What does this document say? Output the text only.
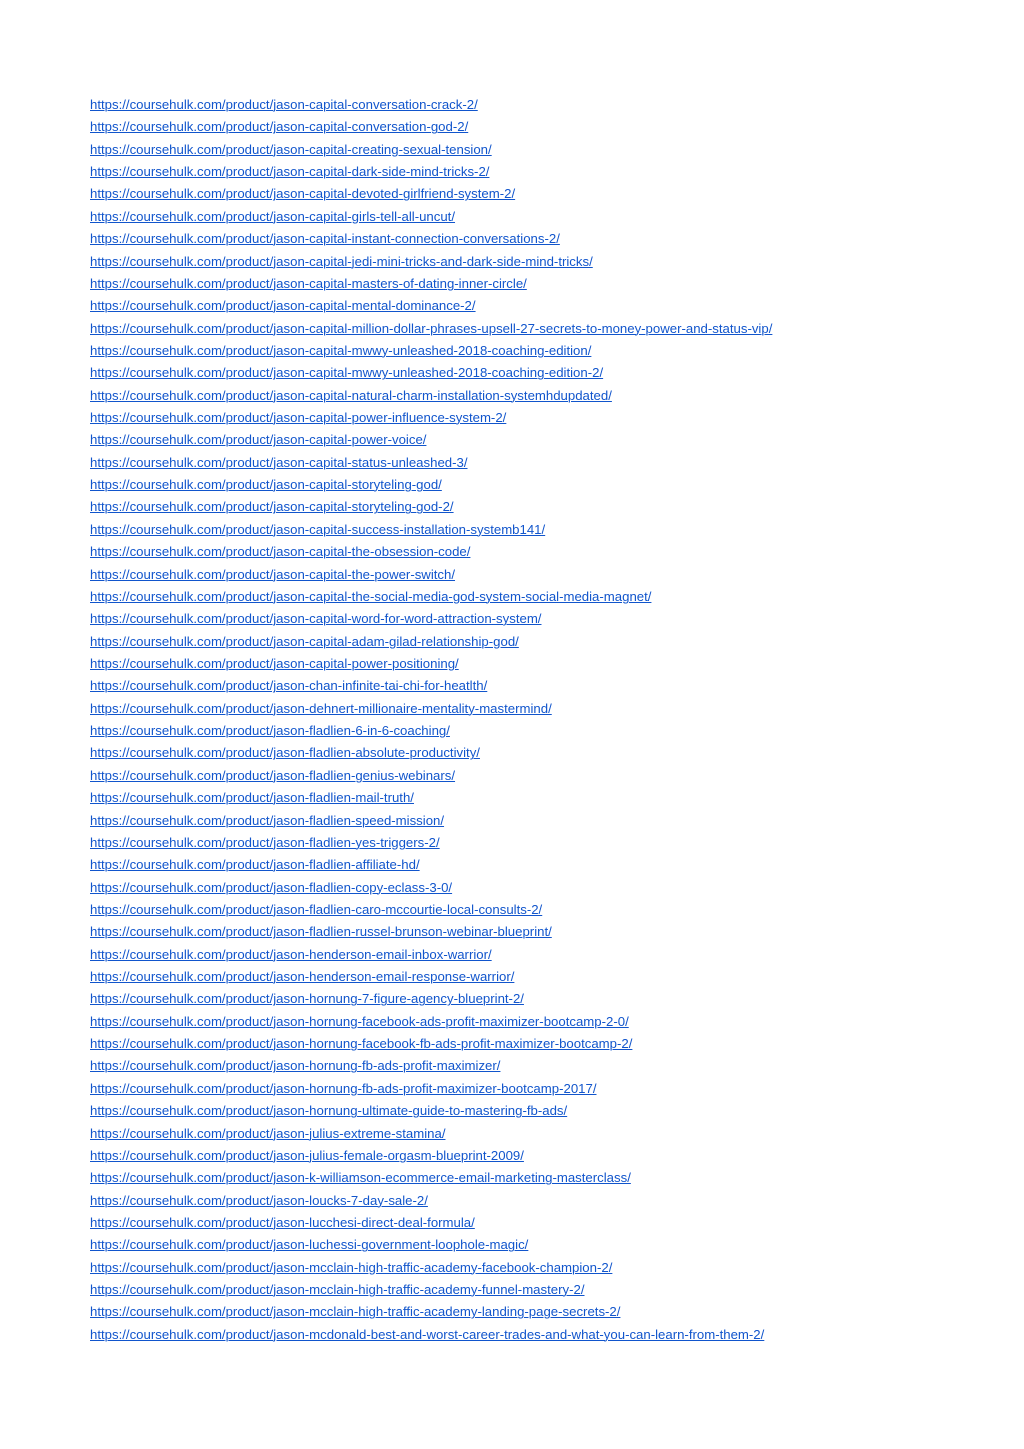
https://coursehulk.com/product/jason-capital-conversation-crack-2/
https://coursehulk.com/product/jason-capital-conversation-god-2/
https://coursehulk.com/product/jason-capital-creating-sexual-tension/
https://coursehulk.com/product/jason-capital-dark-side-mind-tricks-2/
https://coursehulk.com/product/jason-capital-devoted-girlfriend-system-2/
https://coursehulk.com/product/jason-capital-girls-tell-all-uncut/
https://coursehulk.com/product/jason-capital-instant-connection-conversations-2/
https://coursehulk.com/product/jason-capital-jedi-mini-tricks-and-dark-side-mind-tricks/
https://coursehulk.com/product/jason-capital-masters-of-dating-inner-circle/
https://coursehulk.com/product/jason-capital-mental-dominance-2/
https://coursehulk.com/product/jason-capital-million-dollar-phrases-upsell-27-secrets-to-money-power-and-status-vip/
https://coursehulk.com/product/jason-capital-mwwy-unleashed-2018-coaching-edition/
https://coursehulk.com/product/jason-capital-mwwy-unleashed-2018-coaching-edition-2/
https://coursehulk.com/product/jason-capital-natural-charm-installation-systemhdupdated/
https://coursehulk.com/product/jason-capital-power-influence-system-2/
https://coursehulk.com/product/jason-capital-power-voice/
https://coursehulk.com/product/jason-capital-status-unleashed-3/
https://coursehulk.com/product/jason-capital-storyteling-god/
https://coursehulk.com/product/jason-capital-storyteling-god-2/
https://coursehulk.com/product/jason-capital-success-installation-systemb141/
https://coursehulk.com/product/jason-capital-the-obsession-code/
https://coursehulk.com/product/jason-capital-the-power-switch/
https://coursehulk.com/product/jason-capital-the-social-media-god-system-social-media-magnet/
https://coursehulk.com/product/jason-capital-word-for-word-attraction-system/
https://coursehulk.com/product/jason-capital-adam-gilad-relationship-god/
https://coursehulk.com/product/jason-capital-power-positioning/
https://coursehulk.com/product/jason-chan-infinite-tai-chi-for-heatlth/
https://coursehulk.com/product/jason-dehnert-millionaire-mentality-mastermind/
https://coursehulk.com/product/jason-fladlien-6-in-6-coaching/
https://coursehulk.com/product/jason-fladlien-absolute-productivity/
https://coursehulk.com/product/jason-fladlien-genius-webinars/
https://coursehulk.com/product/jason-fladlien-mail-truth/
https://coursehulk.com/product/jason-fladlien-speed-mission/
https://coursehulk.com/product/jason-fladlien-yes-triggers-2/
https://coursehulk.com/product/jason-fladlien-affiliate-hd/
https://coursehulk.com/product/jason-fladlien-copy-eclass-3-0/
https://coursehulk.com/product/jason-fladlien-caro-mccourtie-local-consults-2/
https://coursehulk.com/product/jason-fladlien-russel-brunson-webinar-blueprint/
https://coursehulk.com/product/jason-henderson-email-inbox-warrior/
https://coursehulk.com/product/jason-henderson-email-response-warrior/
https://coursehulk.com/product/jason-hornung-7-figure-agency-blueprint-2/
https://coursehulk.com/product/jason-hornung-facebook-ads-profit-maximizer-bootcamp-2-0/
https://coursehulk.com/product/jason-hornung-facebook-fb-ads-profit-maximizer-bootcamp-2/
https://coursehulk.com/product/jason-hornung-fb-ads-profit-maximizer/
https://coursehulk.com/product/jason-hornung-fb-ads-profit-maximizer-bootcamp-2017/
https://coursehulk.com/product/jason-hornung-ultimate-guide-to-mastering-fb-ads/
https://coursehulk.com/product/jason-julius-extreme-stamina/
https://coursehulk.com/product/jason-julius-female-orgasm-blueprint-2009/
https://coursehulk.com/product/jason-k-williamson-ecommerce-email-marketing-masterclass/
https://coursehulk.com/product/jason-loucks-7-day-sale-2/
https://coursehulk.com/product/jason-lucchesi-direct-deal-formula/
https://coursehulk.com/product/jason-luchessi-government-loophole-magic/
https://coursehulk.com/product/jason-mcclain-high-traffic-academy-facebook-champion-2/
https://coursehulk.com/product/jason-mcclain-high-traffic-academy-funnel-mastery-2/
https://coursehulk.com/product/jason-mcclain-high-traffic-academy-landing-page-secrets-2/
https://coursehulk.com/product/jason-mcdonald-best-and-worst-career-trades-and-what-you-can-learn-from-them-2/
